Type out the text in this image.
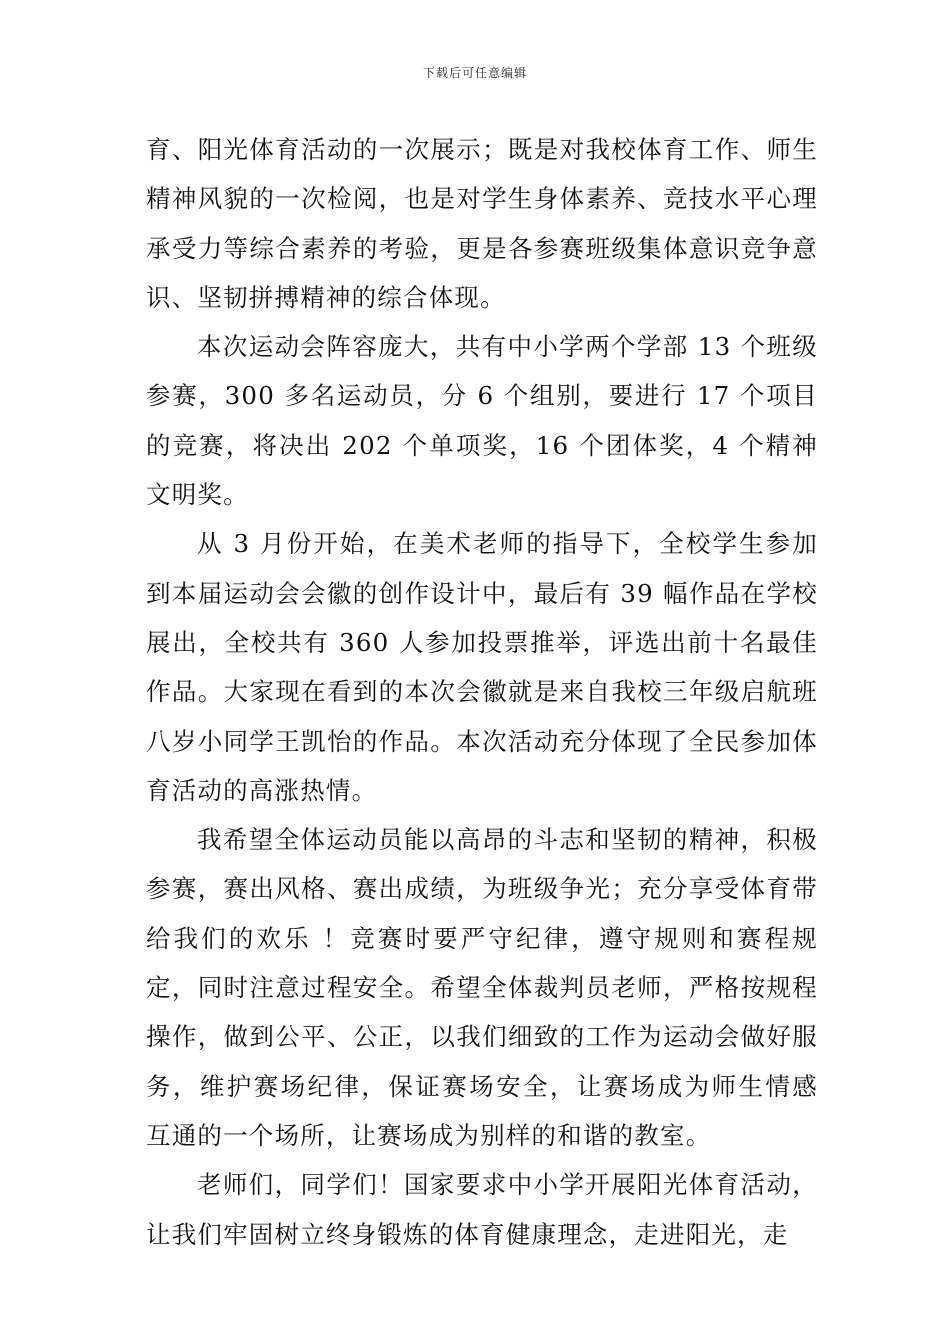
下载后可任意编辑

育、阳光体育活动的一次展示；既是对我校体育工作、师生精神风貌的一次检阅，也是对学生身体素养、竞技水平心理承受力等综合素养的考验，更是各参赛班级集体意识竞争意识、坚韧拼搏精神的综合体现。

本次运动会阵容庞大，共有中小学两个学部 13 个班级参赛，300 多名运动员，分 6 个组别，要进行 17 个项目的竞赛，将决出 202 个单项奖，16 个团体奖，4 个精神文明奖。

从 3 月份开始，在美术老师的指导下，全校学生参加到本届运动会会徽的创作设计中，最后有 39 幅作品在学校展出，全校共有 360 人参加投票推举，评选出前十名最佳作品。大家现在看到的本次会徽就是来自我校三年级启航班八岁小同学王凯怡的作品。本次活动充分体现了全民参加体育活动的高涨热情。

我希望全体运动员能以高昂的斗志和坚韧的精神，积极参赛，赛出风格、赛出成绩，为班级争光；充分享受体育带给我们的欢乐 ！竞赛时要严守纪律，遵守规则和赛程规定，同时注意过程安全。希望全体裁判员老师，严格按规程操作，做到公平、公正，以我们细致的工作为运动会做好服务，维护赛场纪律，保证赛场安全，让赛场成为师生情感 互通的一个场所，让赛场成为别样的和谐的教室。

老师们，同学们！国家要求中小学开展阳光体育活动，让我们牢固树立终身锻炼的体育健康理念，走进阳光，走
